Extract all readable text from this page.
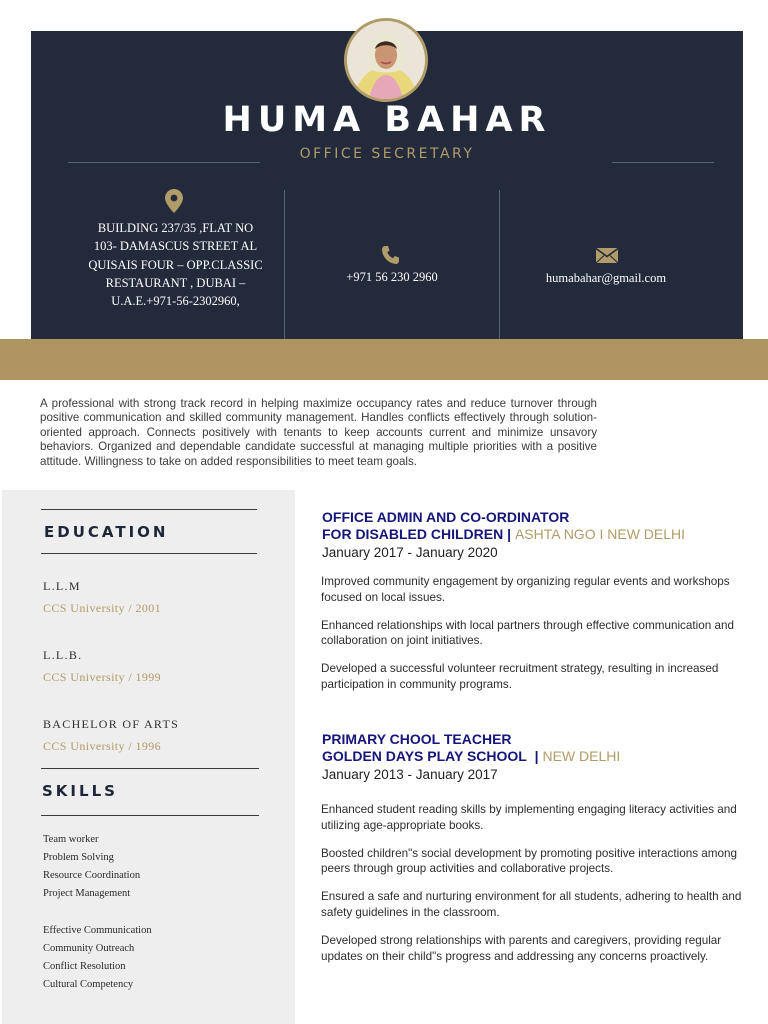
HUMA BAHAR
OFFICE SECRETARY
BUILDING 237/35 ,FLAT NO 103- DAMASCUS STREET AL QUISAIS FOUR – OPP.CLASSIC RESTAURANT , DUBAI – U.A.E.+971-56-2302960,
+971 56 230 2960	humabahar@gmail.com

A professional with strong track record in helping maximize occupancy rates and reduce turnover through positive communication and skilled community management. Handles conflicts effectively through solution-oriented approach. Connects positively with tenants to keep accounts current and minimize unsavory behaviors. Organized and dependable candidate successful at managing multiple priorities with a positive attitude. Willingness to take on added responsibilities to meet team goals.

EDUCATION
L.L.M
CCS University / 2001
L.L.B.
CCS University / 1999
BACHELOR OF ARTS
CCS University / 1996
SKILLS
Team worker
Problem Solving
Resource Coordination
Project Management
Effective Communication
Community Outreach
Conflict Resolution
Cultural Competency
OFFICE ADMIN AND CO-ORDINATOR
FOR DISABLED CHILDREN | ASHTA NGO I NEW DELHI
January 2017 - January 2020
Improved community engagement by organizing regular events and workshops focused on local issues.
Enhanced relationships with local partners through effective communication and collaboration on joint initiatives.
Developed a successful volunteer recruitment strategy, resulting in increased participation in community programs.
PRIMARY CHOOL TEACHER
GOLDEN DAYS PLAY SCHOOL | NEW DELHI
January 2013 - January 2017
Enhanced student reading skills by implementing engaging literacy activities and utilizing age-appropriate books.
Boosted children"s social development by promoting positive interactions among peers through group activities and collaborative projects.
Ensured a safe and nurturing environment for all students, adhering to health and safety guidelines in the classroom.
Developed strong relationships with parents and caregivers, providing regular updates on their child"s progress and addressing any concerns proactively.
